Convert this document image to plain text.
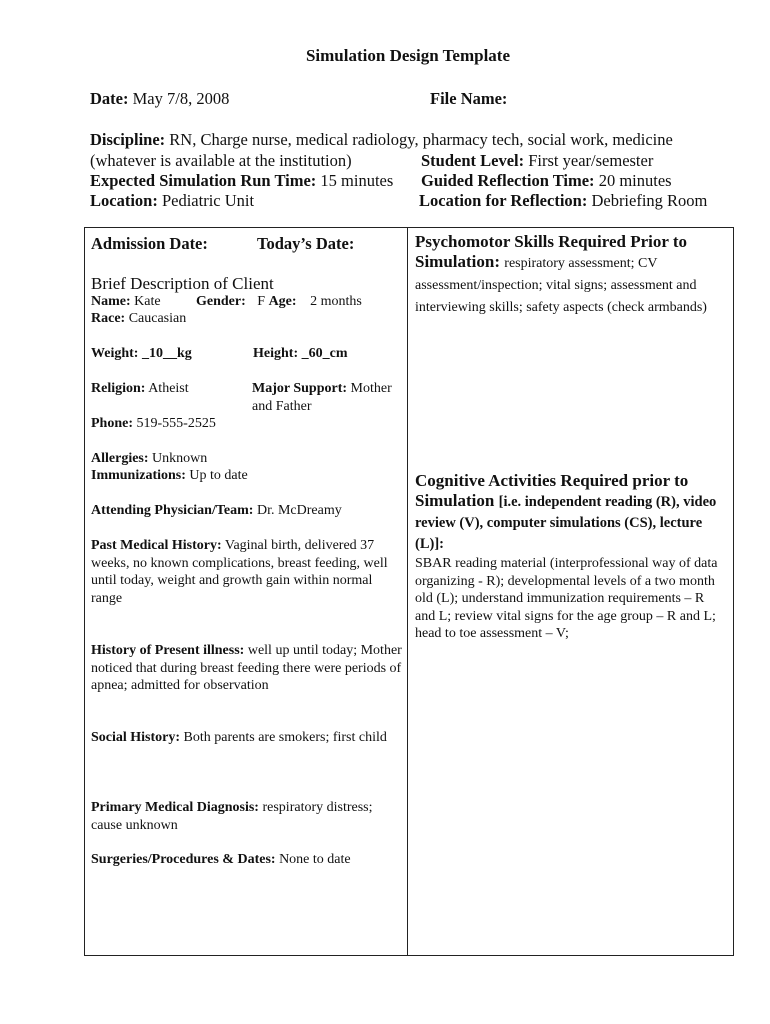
Simulation Design Template
Date: May 7/8, 2008	File Name:
Discipline: RN, Charge nurse, medical radiology, pharmacy tech, social work, medicine
(whatever is available at the institution)	Student Level: First year/semester
Expected Simulation Run Time: 15 minutes Guided Reflection Time: 20 minutes
Location: Pediatric Unit	Location for Reflection: Debriefing Room
Admission Date:	Today’s Date:
Brief Description of Client
Name: Kate	Gender: F Age: 2 months
Race: Caucasian
Weight: _10__kg	Height: _60_cm
Religion: Atheist	Major Support: Mother
and Father
Phone: 519-555-2525
Allergies: Unknown
Immunizations: Up to date
Attending Physician/Team: Dr. McDreamy
Past Medical History: Vaginal birth, delivered 37 weeks, no known complications, breast feeding, well until today, weight and growth gain within normal range
History of Present illness: well up until today; Mother noticed that during breast feeding there were periods of apnea; admitted for observation
Social History: Both parents are smokers; first child
Primary Medical Diagnosis: respiratory distress; cause unknown
Surgeries/Procedures & Dates: None to date

Psychomotor Skills Required Prior to Simulation: respiratory assessment; CV assessment/inspection; vital signs; assessment and interviewing skills; safety aspects (check armbands)
Cognitive Activities Required prior to Simulation [i.e. independent reading (R), video review (V), computer simulations (CS), lecture (L)]:
SBAR reading material (interprofessional way of data organizing - R); developmental levels of a two month old (L); understand immunization requirements – R and L; review vital signs for the age group – R and L; head to toe assessment – V;
